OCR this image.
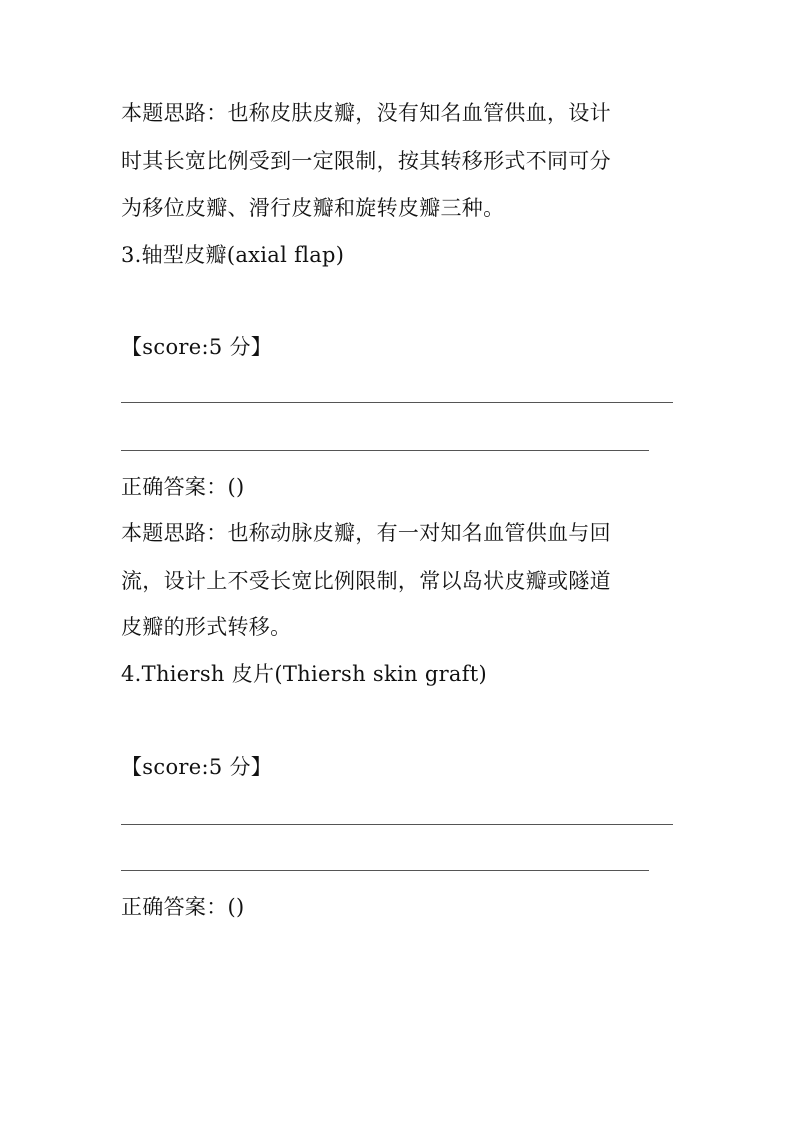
本题思路：也称皮肤皮瓣，没有知名血管供血，设计
时其长宽比例受到一定限制，按其转移形式不同可分
为移位皮瓣、滑行皮瓣和旋转皮瓣三种。
3.轴型皮瓣(axial flap)
【score:5 分】
正确答案：()
本题思路：也称动脉皮瓣，有一对知名血管供血与回
流，设计上不受长宽比例限制，常以岛状皮瓣或隧道
皮瓣的形式转移。
4.Thiersh 皮片(Thiersh skin graft)
【score:5 分】
正确答案：()
